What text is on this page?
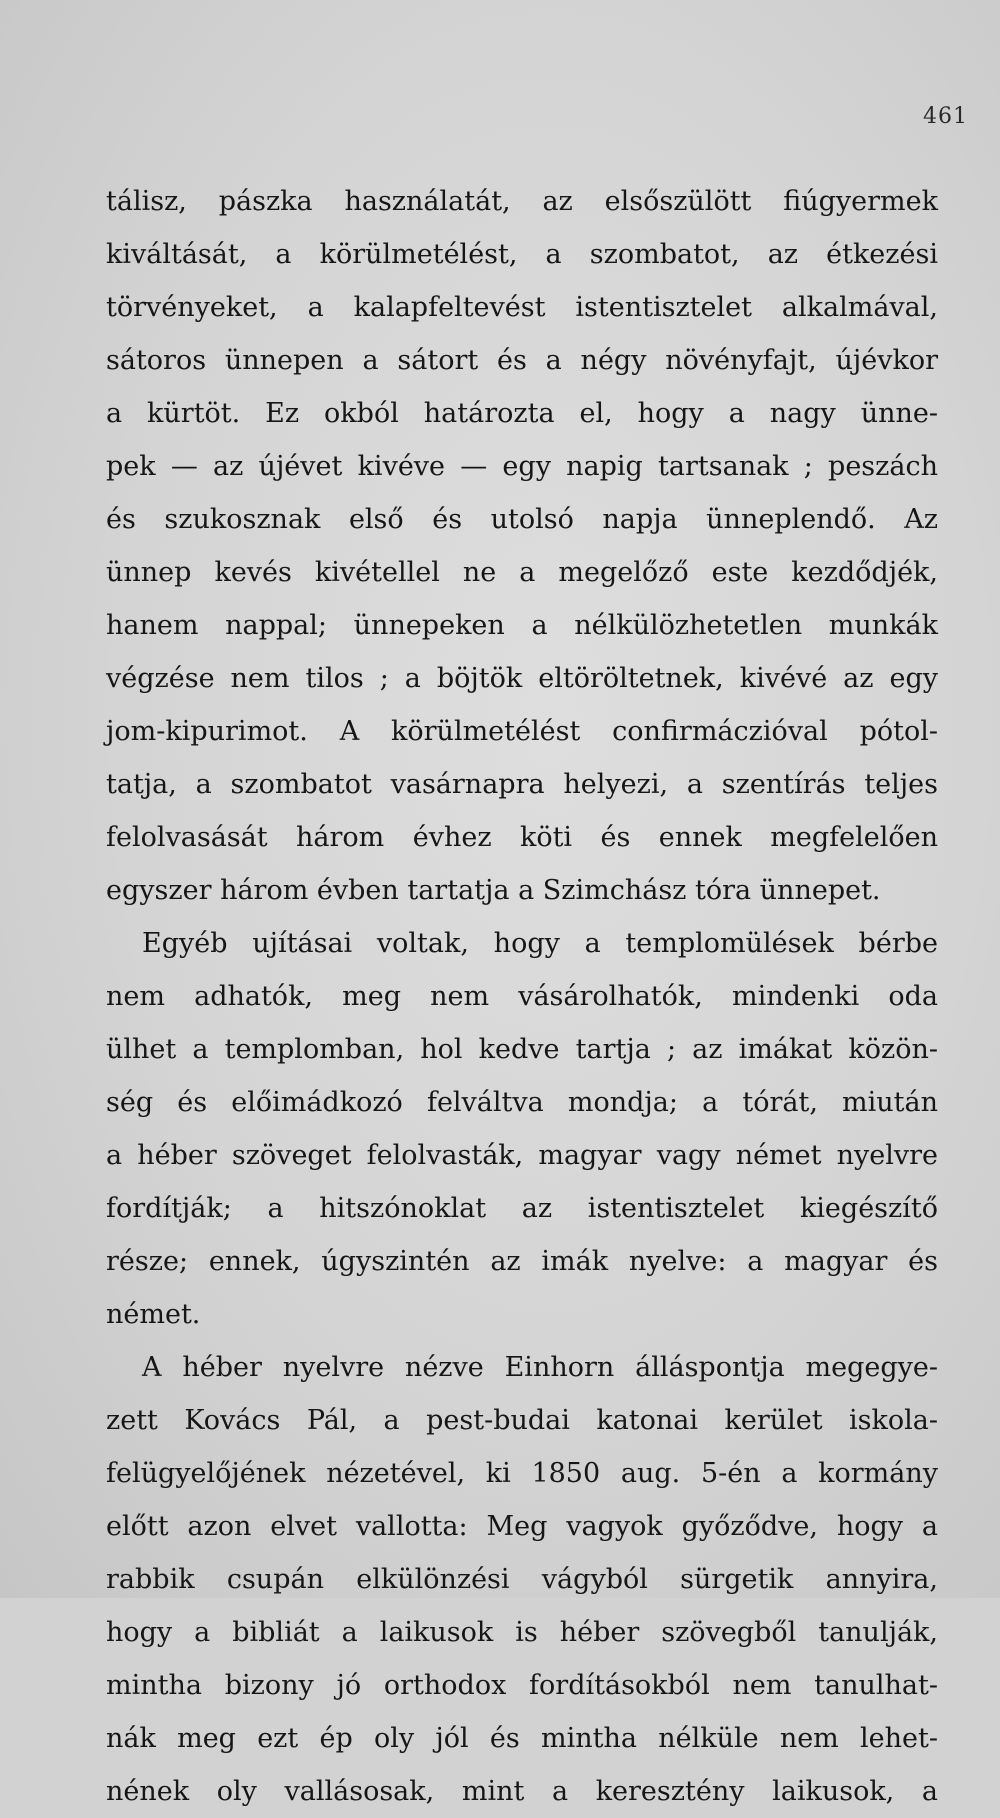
461
tálisz, pászka használatát, az elsőszülött fiúgyermek
kiváltását, a körülmetélést, a szombatot, az étkezési
törvényeket, a kalapfeltevést istentisztelet alkalmával,
sátoros ünnepen a sátort és a négy növényfajt, újévkor
a kürtöt. Ez okból határozta el, hogy a nagy ünne-
pek — az újévet kivéve — egy napig tartsanak ; peszách
és szukosznak első és utolsó napja ünneplendő. Az
ünnep kevés kivétellel ne a megelőző este kezdődjék,
hanem nappal; ünnepeken a nélkülözhetetlen munkák
végzése nem tilos ; a böjtök eltöröltetnek, kivévé az egy
jom-kipurimot. A körülmetélést confirmáczióval pótol-
tatja, a szombatot vasárnapra helyezi, a szentírás teljes
felolvasását három évhez köti és ennek megfelelően
egyszer három évben tartatja a Szimchász tóra ünnepet.
Egyéb ujításai voltak, hogy a templomülések bérbe
nem adhatók, meg nem vásárolhatók, mindenki oda
ülhet a templomban, hol kedve tartja ; az imákat közön-
ség és előimádkozó felváltva mondja; a tórát, miután
a héber szöveget felolvasták, magyar vagy német nyelvre
fordítják; a hitszónoklat az istentisztelet kiegészítő
része; ennek, úgyszintén az imák nyelve: a magyar és
német.
A héber nyelvre nézve Einhorn álláspontja megegye-
zett Kovács Pál, a pest-budai katonai kerület iskola-
felügyelőjének nézetével, ki 1850 aug. 5-én a kormány
előtt azon elvet vallotta: Meg vagyok győződve, hogy a
rabbik csupán elkülönzési vágyból sürgetik annyira,
hogy a bibliát a laikusok is héber szövegből tanulják,
mintha bizony jó orthodox fordításokból nem tanulhat-
nák meg ezt ép oly jól és mintha nélküle nem lehet-
nének oly vallásosak, mint a keresztény laikusok, a
